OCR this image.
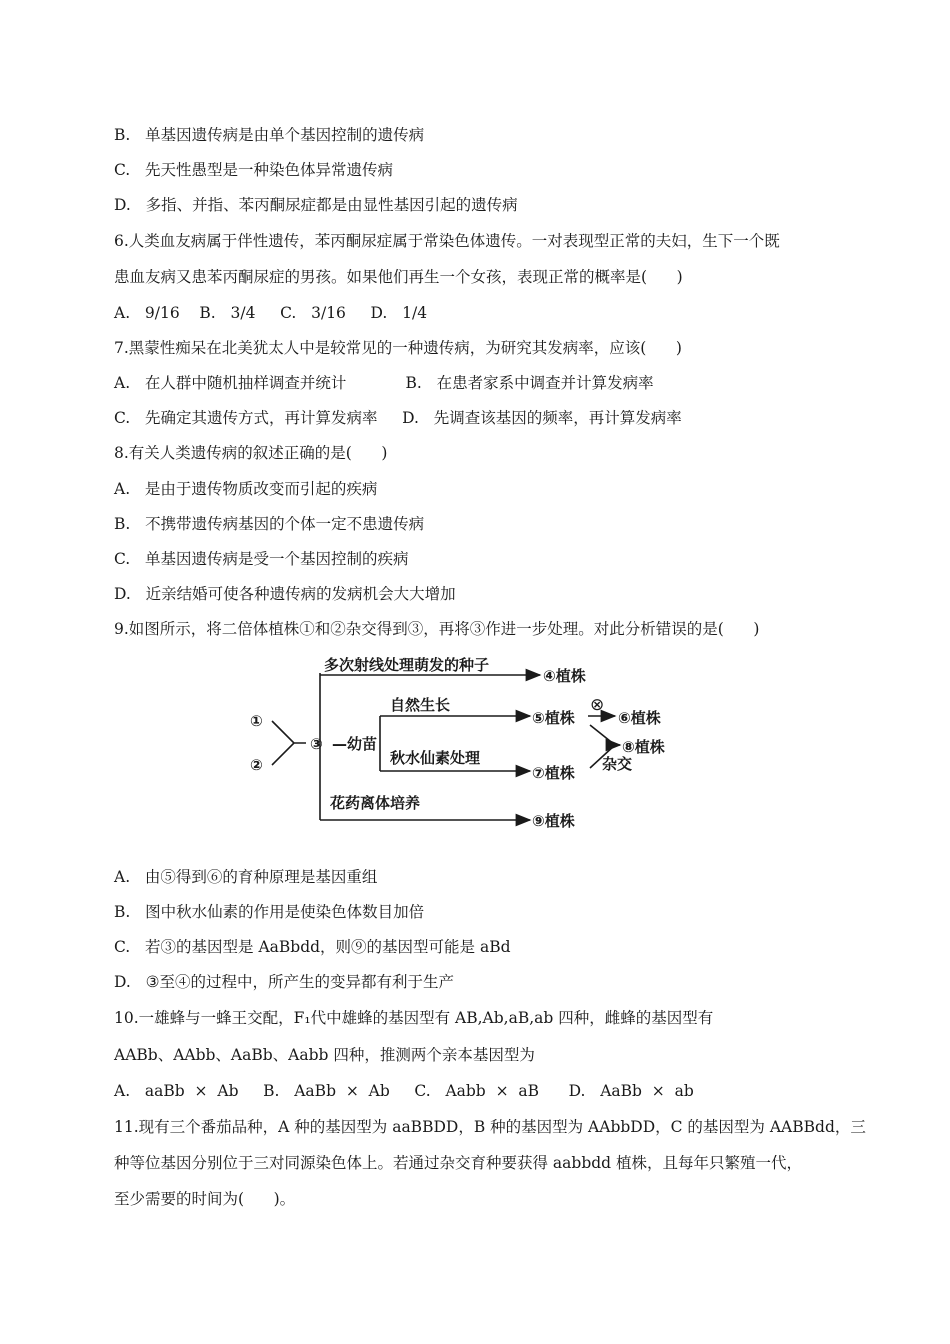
B.   单基因遗传病是由单个基因控制的遗传病
C.   先天性愚型是一种染色体异常遗传病
D.   多指、并指、苯丙酮尿症都是由显性基因引起的遗传病
6.人类血友病属于伴性遗传，苯丙酮尿症属于常染色体遗传。一对表现型正常的夫妇，生下一个既
患血友病又患苯丙酮尿症的男孩。如果他们再生一个女孩，表现正常的概率是(      )
A.   9/16    B.   3/4     C.   3/16     D.   1/4
7.黑蒙性痴呆在北美犹太人中是较常见的一种遗传病，为研究其发病率，应该(      )
A.   在人群中随机抽样调查并统计            B.   在患者家系中调查并计算发病率
C.   先确定其遗传方式，再计算发病率     D.   先调查该基因的频率，再计算发病率
8.有关人类遗传病的叙述正确的是(      )
A.   是由于遗传物质改变而引起的疾病
B.   不携带遗传病基因的个体一定不患遗传病
C.   单基因遗传病是受一个基因控制的疾病
D.   近亲结婚可使各种遗传病的发病机会大大增加
9.如图所示，将二倍体植株①和②杂交得到③，再将③作进一步处理。对此分析错误的是(      )
①
②
③ —幼苗
多次射线处理萌发的种子
④植株
自然生长
⑤植株
⊗
⑥植株
秋水仙素处理
⑦植株
⑧植株
杂交
花药离体培养
⑨植株
A.   由⑤得到⑥的育种原理是基因重组
B.   图中秋水仙素的作用是使染色体数目加倍
C.   若③的基因型是 AaBbdd，则⑨的基因型可能是 aBd
D.   ③至④的过程中，所产生的变异都有利于生产
10.一雄蜂与一蜂王交配，F₁代中雄蜂的基因型有 AB,Ab,aB,ab 四种，雌蜂的基因型有
AABb、AAbb、AaBb、Aabb 四种，推测两个亲本基因型为
A.   aaBb  ×  Ab     B.   AaBb  ×  Ab     C.   Aabb  ×  aB      D.   AaBb  ×  ab
11.现有三个番茄品种，A 种的基因型为 aaBBDD，B 种的基因型为 AAbbDD，C 的基因型为 AABBdd，三
种等位基因分别位于三对同源染色体上。若通过杂交育种要获得 aabbdd 植株，且每年只繁殖一代，
至少需要的时间为(      )。
